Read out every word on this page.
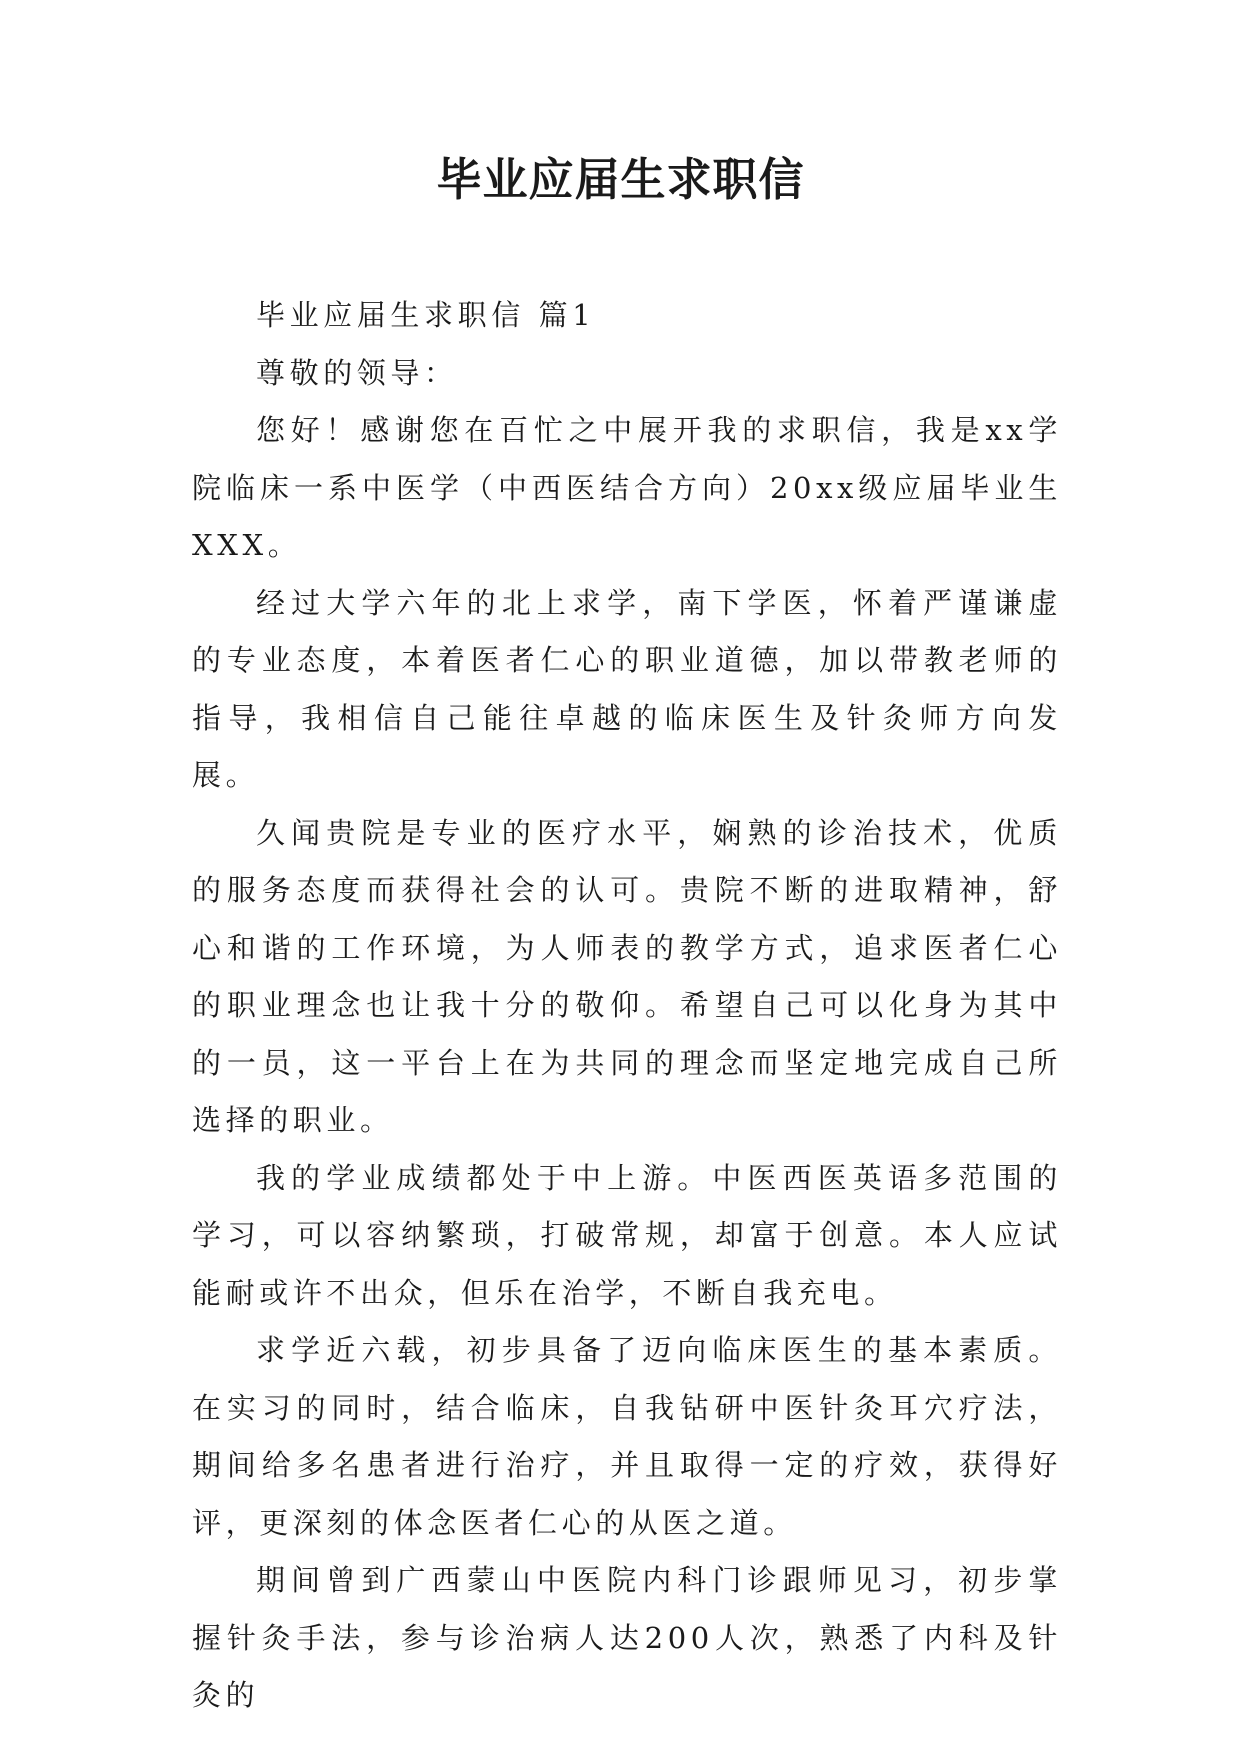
毕业应届生求职信

毕业应届生求职信 篇1

尊敬的领导：

您好！感谢您在百忙之中展开我的求职信，我是xx学院临床一系中医学（中西医结合方向）20xx级应届毕业生XXX。

经过大学六年的北上求学，南下学医，怀着严谨谦虚的专业态度，本着医者仁心的职业道德，加以带教老师的指导，我相信自己能往卓越的临床医生及针灸师方向发展。

久闻贵院是专业的医疗水平，娴熟的诊治技术，优质的服务态度而获得社会的认可。贵院不断的进取精神，舒心和谐的工作环境，为人师表的教学方式，追求医者仁心的职业理念也让我十分的敬仰。希望自己可以化身为其中的一员，这一平台上在为共同的理念而坚定地完成自己所选择的职业。

我的学业成绩都处于中上游。中医西医英语多范围的学习，可以容纳繁琐，打破常规，却富于创意。本人应试能耐或许不出众，但乐在治学，不断自我充电。

求学近六载，初步具备了迈向临床医生的基本素质。在实习的同时，结合临床，自我钻研中医针灸耳穴疗法，期间给多名患者进行治疗，并且取得一定的疗效，获得好评，更深刻的体念医者仁心的从医之道。

期间曾到广西蒙山中医院内科门诊跟师见习，初步掌握针灸手法，参与诊治病人达200人次，熟悉了内科及针灸的
